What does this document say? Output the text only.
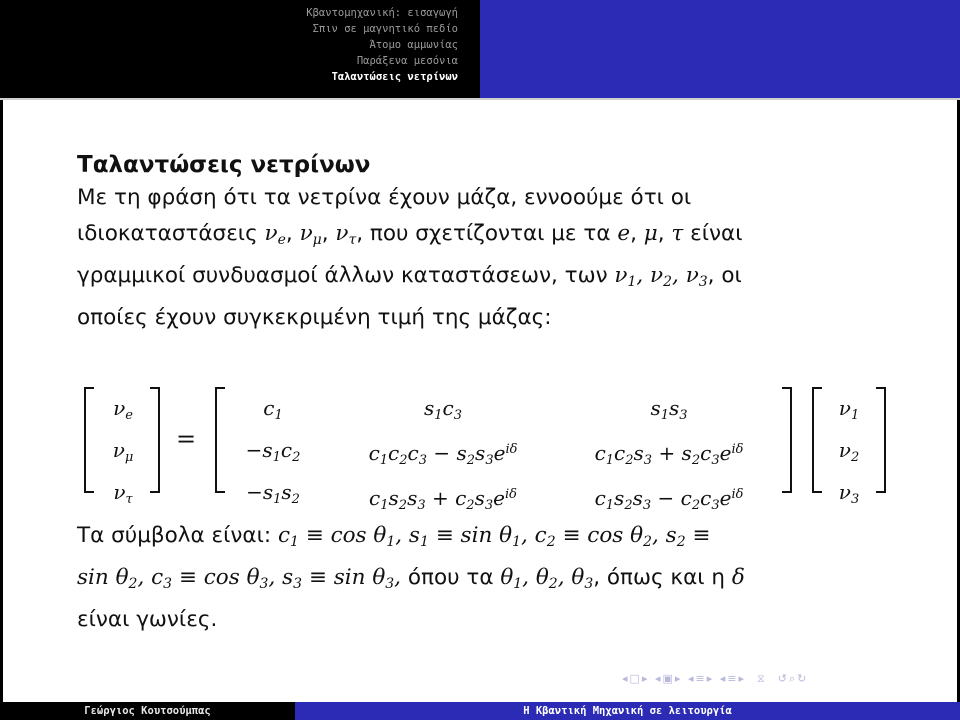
Κβαντομηχανική: εισαγωγή
Σπιν σε μαγνητικό πεδίο
Άτομο αμμωνίας
Παράξενα μεσόνια
Ταλαντώσεις νετρίνων
Ταλαντώσεις νετρίνων

Με τη φράση ότι τα νετρίνα έχουν μάζα, εννοούμε ότι οι
ιδιοκαταστάσεις $\nu_e$, $\nu_\mu$, $\nu_\tau$, που σχετίζονται με τα e, μ, τ είναι
γραμμικοί συνδυασμοί άλλων καταστάσεων, των $\nu_1$, $\nu_2$, $\nu_3$, οι
οποίες έχουν συγκεκριμένη τιμή της μάζας:

$\nu_e$
$\nu_\mu$
$\nu_\tau$
=
$c_1$
$-s_1c_2$
$-s_1s_2$
$s_1c_3$
$c_1c_2c_3 - s_2s_3e^{i\delta}$
$c_1s_2s_3 + c_2s_3e^{i\delta}$
$s_1s_3$
$c_1c_2s_3 + s_2c_3e^{i\delta}$
$c_1s_2s_3 - c_2c_3e^{i\delta}$
$\nu_1$
$\nu_2$
$\nu_3$

Τα σύμβολα είναι: $c_1 \equiv \cos \theta_1$, $s_1 \equiv \sin \theta_1$, $c_2 \equiv \cos \theta_2$, $s_2$ ≡
$\sin \theta_2$, $c_3 \equiv \cos \theta_3$, $s_3 \equiv \sin \theta_3$, όπου τα $\theta_1$, $\theta_2$, $\theta_3$, όπως και η δ
είναι γωνίες.

◂□▸ ◂▣▸ ◂≡▸ ◂≡▸ ⧖ ↺⌕↻
Γεώργιος Κουτσούμπας	Η Κβαντική Μηχανική σε λειτουργία
